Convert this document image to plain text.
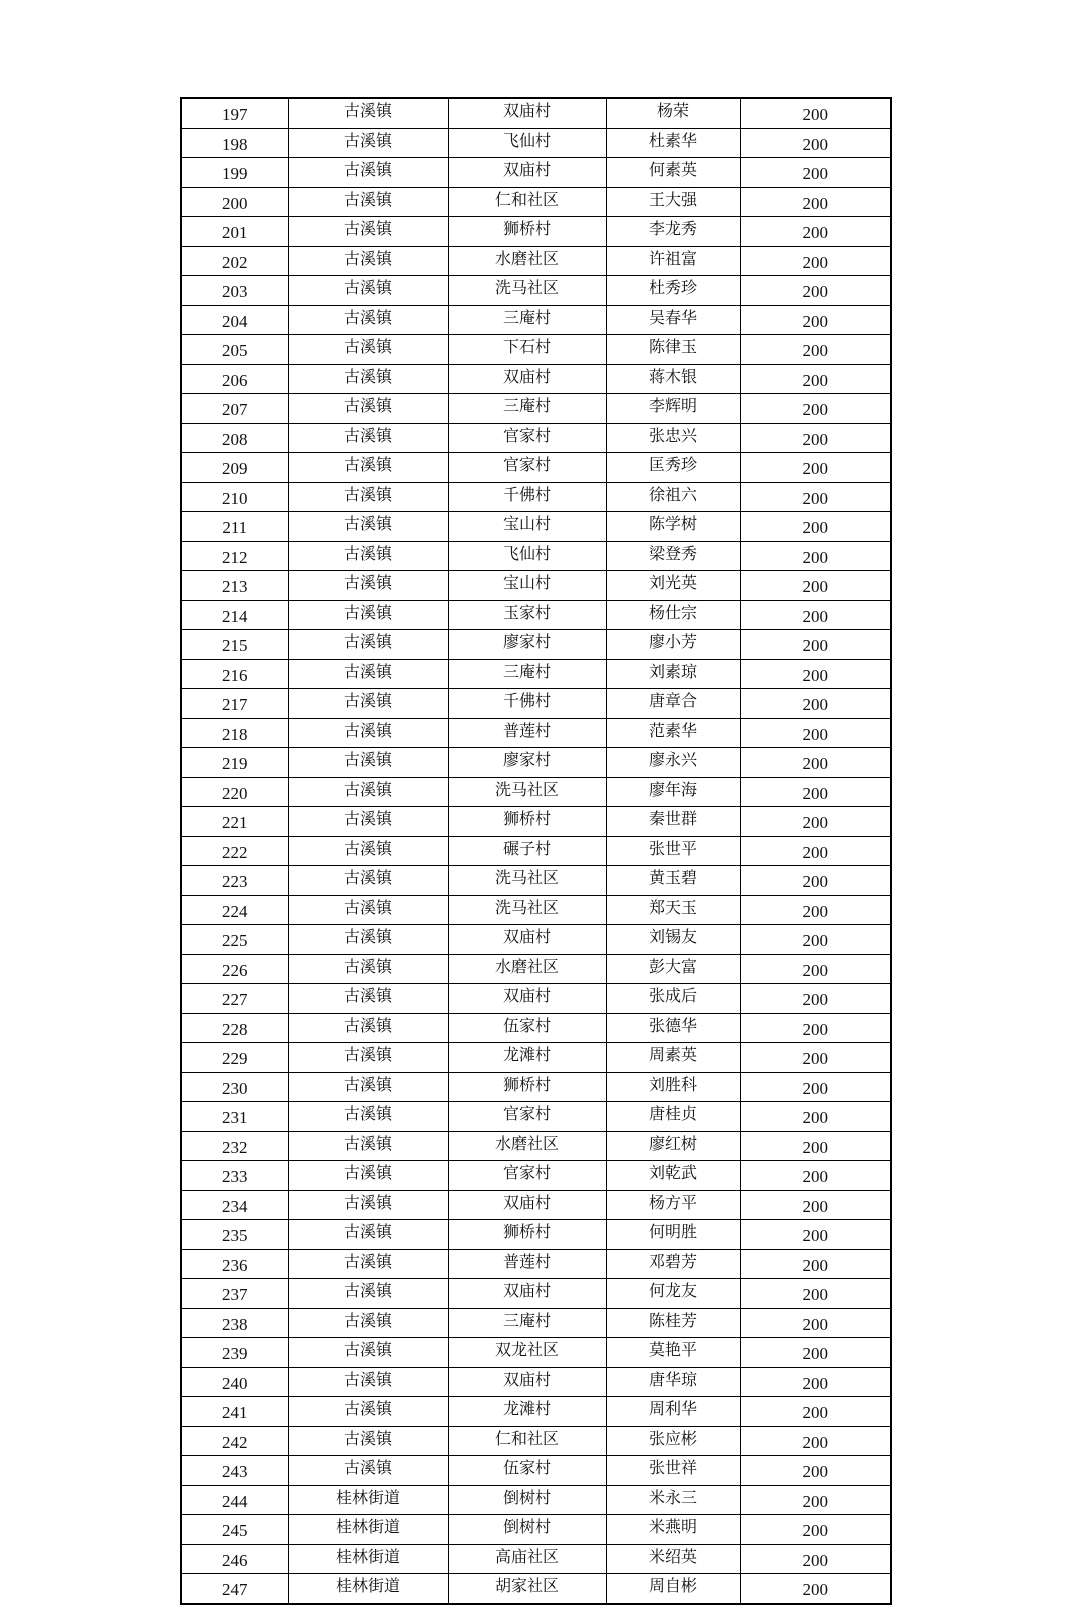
197	古溪镇	双庙村	杨荣	200
198	古溪镇	飞仙村	杜素华	200
199	古溪镇	双庙村	何素英	200
200	古溪镇	仁和社区	王大强	200
201	古溪镇	狮桥村	李龙秀	200
202	古溪镇	水磨社区	许祖富	200
203	古溪镇	洗马社区	杜秀珍	200
204	古溪镇	三庵村	吴春华	200
205	古溪镇	下石村	陈律玉	200
206	古溪镇	双庙村	蒋木银	200
207	古溪镇	三庵村	李辉明	200
208	古溪镇	官家村	张忠兴	200
209	古溪镇	官家村	匡秀珍	200
210	古溪镇	千佛村	徐祖六	200
211	古溪镇	宝山村	陈学树	200
212	古溪镇	飞仙村	梁登秀	200
213	古溪镇	宝山村	刘光英	200
214	古溪镇	玉家村	杨仕宗	200
215	古溪镇	廖家村	廖小芳	200
216	古溪镇	三庵村	刘素琼	200
217	古溪镇	千佛村	唐章合	200
218	古溪镇	普莲村	范素华	200
219	古溪镇	廖家村	廖永兴	200
220	古溪镇	洗马社区	廖年海	200
221	古溪镇	狮桥村	秦世群	200
222	古溪镇	碾子村	张世平	200
223	古溪镇	洗马社区	黄玉碧	200
224	古溪镇	洗马社区	郑天玉	200
225	古溪镇	双庙村	刘锡友	200
226	古溪镇	水磨社区	彭大富	200
227	古溪镇	双庙村	张成后	200
228	古溪镇	伍家村	张德华	200
229	古溪镇	龙滩村	周素英	200
230	古溪镇	狮桥村	刘胜科	200
231	古溪镇	官家村	唐桂贞	200
232	古溪镇	水磨社区	廖红树	200
233	古溪镇	官家村	刘乾武	200
234	古溪镇	双庙村	杨方平	200
235	古溪镇	狮桥村	何明胜	200
236	古溪镇	普莲村	邓碧芳	200
237	古溪镇	双庙村	何龙友	200
238	古溪镇	三庵村	陈桂芳	200
239	古溪镇	双龙社区	莫艳平	200
240	古溪镇	双庙村	唐华琼	200
241	古溪镇	龙滩村	周利华	200
242	古溪镇	仁和社区	张应彬	200
243	古溪镇	伍家村	张世祥	200
244	桂林街道	倒树村	米永三	200
245	桂林街道	倒树村	米燕明	200
246	桂林街道	高庙社区	米绍英	200
247	桂林街道	胡家社区	周自彬	200
